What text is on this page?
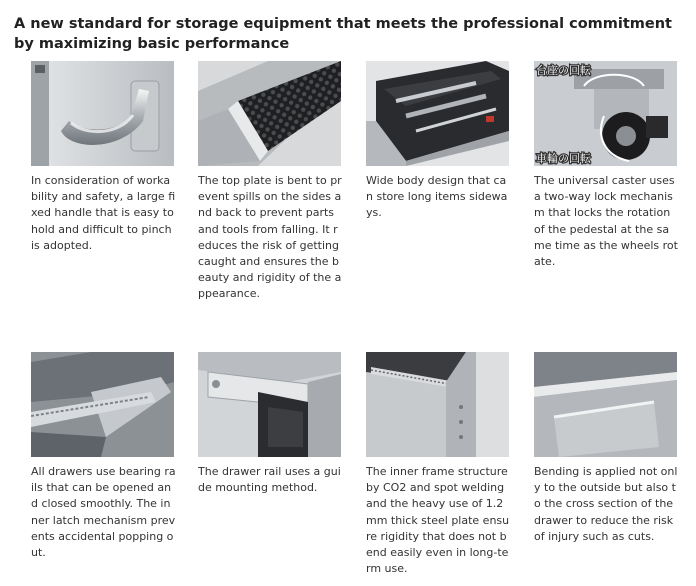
A new standard for storage equipment that meets the professional commitment by maximizing basic performance
In consideration of workability and safety, a large fixed handle that is easy to hold and difficult to pinch is adopted.
The top plate is bent to prevent spills on the sides and back to prevent parts and tools from falling. It reduces the risk of getting caught and ensures the beauty and rigidity of the appearance.
Wide body design that can store long items sideways.
台座の回転
車輪の回転
The universal caster uses a two-way lock mechanism that locks the rotation of the pedestal at the same time as the wheels rotate.
All drawers use bearing rails that can be opened and closed smoothly. The inner latch mechanism prevents accidental popping out.
The drawer rail uses a guide mounting method.
The inner frame structure by CO2 and spot welding and the heavy use of 1.2 mm thick steel plate ensure rigidity that does not bend easily even in long-term use.
Bending is applied not only to the outside but also to the cross section of the drawer to reduce the risk of injury such as cuts.
